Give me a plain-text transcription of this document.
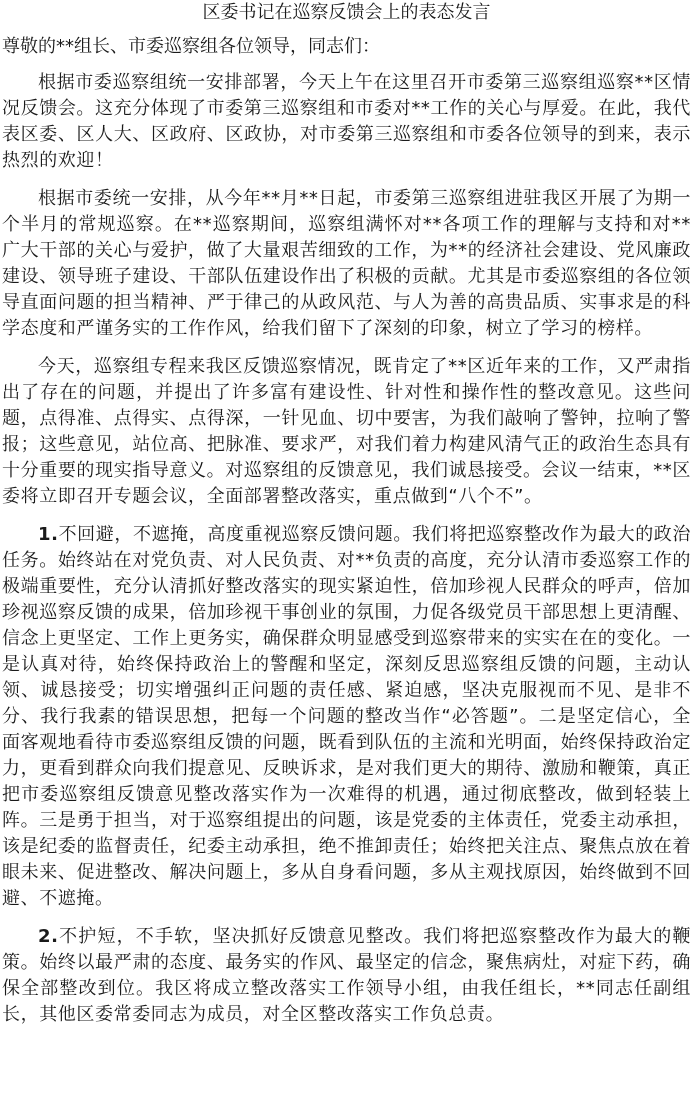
区委书记在巡察反馈会上的表态发言
尊敬的**组长、市委巡察组各位领导，同志们：

根据市委巡察组统一安排部署，今天上午在这里召开市委第三巡察组巡察**区情况反馈会。这充分体现了市委第三巡察组和市委对**工作的关心与厚爱。在此，我代表区委、区人大、区政府、区政协，对市委第三巡察组和市委各位领导的到来，表示热烈的欢迎！

根据市委统一安排，从今年**月**日起，市委第三巡察组进驻我区开展了为期一个半月的常规巡察。在**巡察期间，巡察组满怀对**各项工作的理解与支持和对**广大干部的关心与爱护，做了大量艰苦细致的工作，为**的经济社会建设、党风廉政建设、领导班子建设、干部队伍建设作出了积极的贡献。尤其是市委巡察组的各位领导直面问题的担当精神、严于律己的从政风范、与人为善的高贵品质、实事求是的科学态度和严谨务实的工作作风，给我们留下了深刻的印象，树立了学习的榜样。

今天，巡察组专程来我区反馈巡察情况，既肯定了**区近年来的工作，又严肃指出了存在的问题，并提出了许多富有建设性、针对性和操作性的整改意见。这些问题，点得准、点得实、点得深，一针见血、切中要害，为我们敲响了警钟，拉响了警报；这些意见，站位高、把脉准、要求严，对我们着力构建风清气正的政治生态具有十分重要的现实指导意义。对巡察组的反馈意见，我们诚恳接受。会议一结束，**区委将立即召开专题会议，全面部署整改落实，重点做到“八个不”。

1.不回避，不遮掩，高度重视巡察反馈问题。我们将把巡察整改作为最大的政治任务。始终站在对党负责、对人民负责、对**负责的高度，充分认清市委巡察工作的极端重要性，充分认清抓好整改落实的现实紧迫性，倍加珍视人民群众的呼声，倍加珍视巡察反馈的成果，倍加珍视干事创业的氛围，力促各级党员干部思想上更清醒、信念上更坚定、工作上更务实，确保群众明显感受到巡察带来的实实在在的变化。一是认真对待，始终保持政治上的警醒和坚定，深刻反思巡察组反馈的问题，主动认领、诚恳接受；切实增强纠正问题的责任感、紧迫感，坚决克服视而不见、是非不分、我行我素的错误思想，把每一个问题的整改当作“必答题”。二是坚定信心，全面客观地看待市委巡察组反馈的问题，既看到队伍的主流和光明面，始终保持政治定力，更看到群众向我们提意见、反映诉求，是对我们更大的期待、激励和鞭策，真正把市委巡察组反馈意见整改落实作为一次难得的机遇，通过彻底整改，做到轻装上阵。三是勇于担当，对于巡察组提出的问题，该是党委的主体责任，党委主动承担，该是纪委的监督责任，纪委主动承担，绝不推卸责任；始终把关注点、聚焦点放在着眼未来、促进整改、解决问题上，多从自身看问题，多从主观找原因，始终做到不回避、不遮掩。

2.不护短，不手软，坚决抓好反馈意见整改。我们将把巡察整改作为最大的鞭策。始终以最严肃的态度、最务实的作风、最坚定的信念，聚焦病灶，对症下药，确保全部整改到位。我区将成立整改落实工作领导小组，由我任组长，**同志任副组长，其他区委常委同志为成员，对全区整改落实工作负总责。
